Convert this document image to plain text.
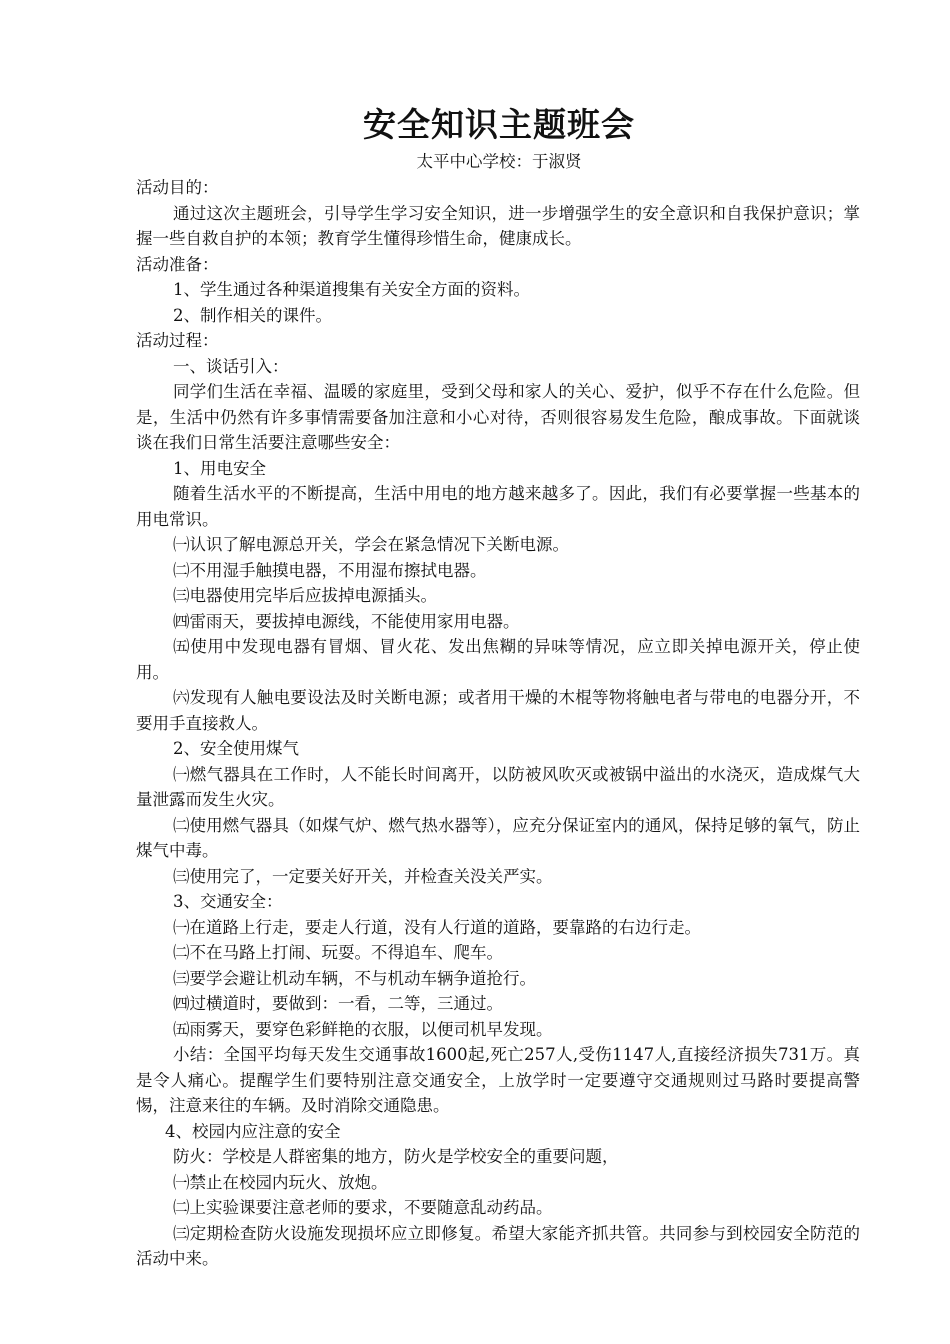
安全知识主题班会
太平中心学校：于淑贤

活动目的：

通过这次主题班会，引导学生学习安全知识，进一步增强学生的安全意识和自我保护意识；掌握一些自救自护的本领；教育学生懂得珍惜生命，健康成长。

活动准备：

1、学生通过各种渠道搜集有关安全方面的资料。

2、制作相关的课件。

活动过程：

一、谈话引入：

同学们生活在幸福、温暖的家庭里，受到父母和家人的关心、爱护，似乎不存在什么危险。但是，生活中仍然有许多事情需要备加注意和小心对待，否则很容易发生危险，酿成事故。下面就谈谈在我们日常生活要注意哪些安全：

1、用电安全

随着生活水平的不断提高，生活中用电的地方越来越多了。因此，我们有必要掌握一些基本的用电常识。

㈠认识了解电源总开关，学会在紧急情况下关断电源。

㈡不用湿手触摸电器，不用湿布擦拭电器。

㈢电器使用完毕后应拔掉电源插头。

㈣雷雨天，要拔掉电源线，不能使用家用电器。

㈤使用中发现电器有冒烟、冒火花、发出焦糊的异味等情况，应立即关掉电源开关，停止使用。

㈥发现有人触电要设法及时关断电源；或者用干燥的木棍等物将触电者与带电的电器分开，不要用手直接救人。

2、安全使用煤气

㈠燃气器具在工作时，人不能长时间离开，以防被风吹灭或被锅中溢出的水浇灭，造成煤气大量泄露而发生火灾。

㈡使用燃气器具（如煤气炉、燃气热水器等），应充分保证室内的通风，保持足够的氧气，防止煤气中毒。

㈢使用完了，一定要关好开关，并检查关没关严实。

3、交通安全：

㈠在道路上行走，要走人行道，没有人行道的道路，要靠路的右边行走。

㈡不在马路上打闹、玩耍。不得追车、爬车。

㈢要学会避让机动车辆，不与机动车辆争道抢行。

㈣过横道时，要做到：一看，二等，三通过。

㈤雨雾天，要穿色彩鲜艳的衣服，以便司机早发现。

小结：全国平均每天发生交通事故1600起,死亡257人,受伤1147人,直接经济损失731万。真是令人痛心。提醒学生们要特别注意交通安全，上放学时一定要遵守交通规则过马路时要提高警惕，注意来往的车辆。及时消除交通隐患。

4、校园内应注意的安全

防火：学校是人群密集的地方，防火是学校安全的重要问题，

㈠禁止在校园内玩火、放炮。

㈡上实验课要注意老师的要求，不要随意乱动药品。

㈢定期检查防火设施发现损坏应立即修复。希望大家能齐抓共管。共同参与到校园安全防范的活动中来。
